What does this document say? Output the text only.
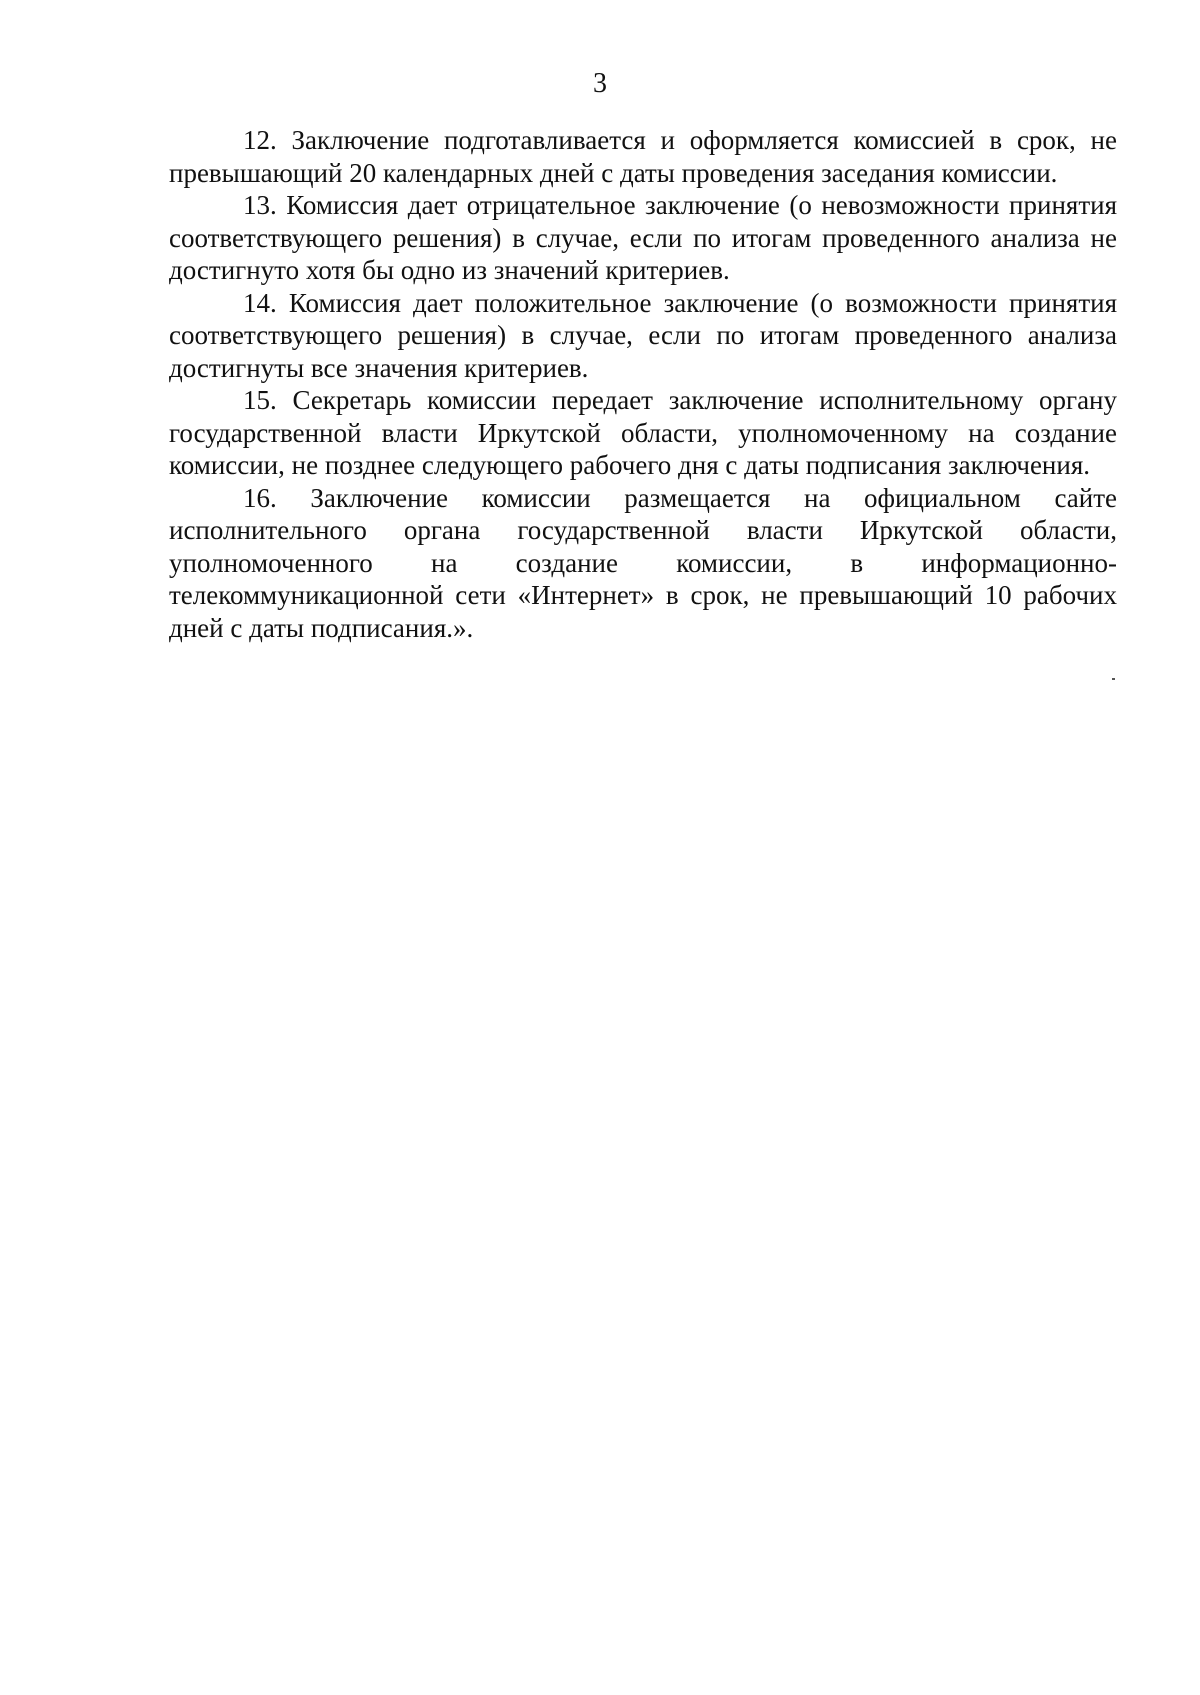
3

12. Заключение подготавливается и оформляется комиссией в срок, не превышающий 20 календарных дней с даты проведения заседания комиссии.

13. Комиссия дает отрицательное заключение (о невозможности принятия соответствующего решения) в случае, если по итогам проведенного анализа не достигнуто хотя бы одно из значений критериев.

14. Комиссия дает положительное заключение (о возможности принятия соответствующего решения) в случае, если по итогам проведенного анализа достигнуты все значения критериев.

15. Секретарь комиссии передает заключение исполнительному органу государственной власти Иркутской области, уполномоченному на создание комиссии, не позднее следующего рабочего дня с даты подписания заключения.

16. Заключение комиссии размещается на официальном сайте исполнительного органа государственной власти Иркутской области, уполномоченного на создание комиссии, в информационно-телекоммуникационной сети «Интернет» в срок, не превышающий 10 рабочих дней с даты подписания.».
